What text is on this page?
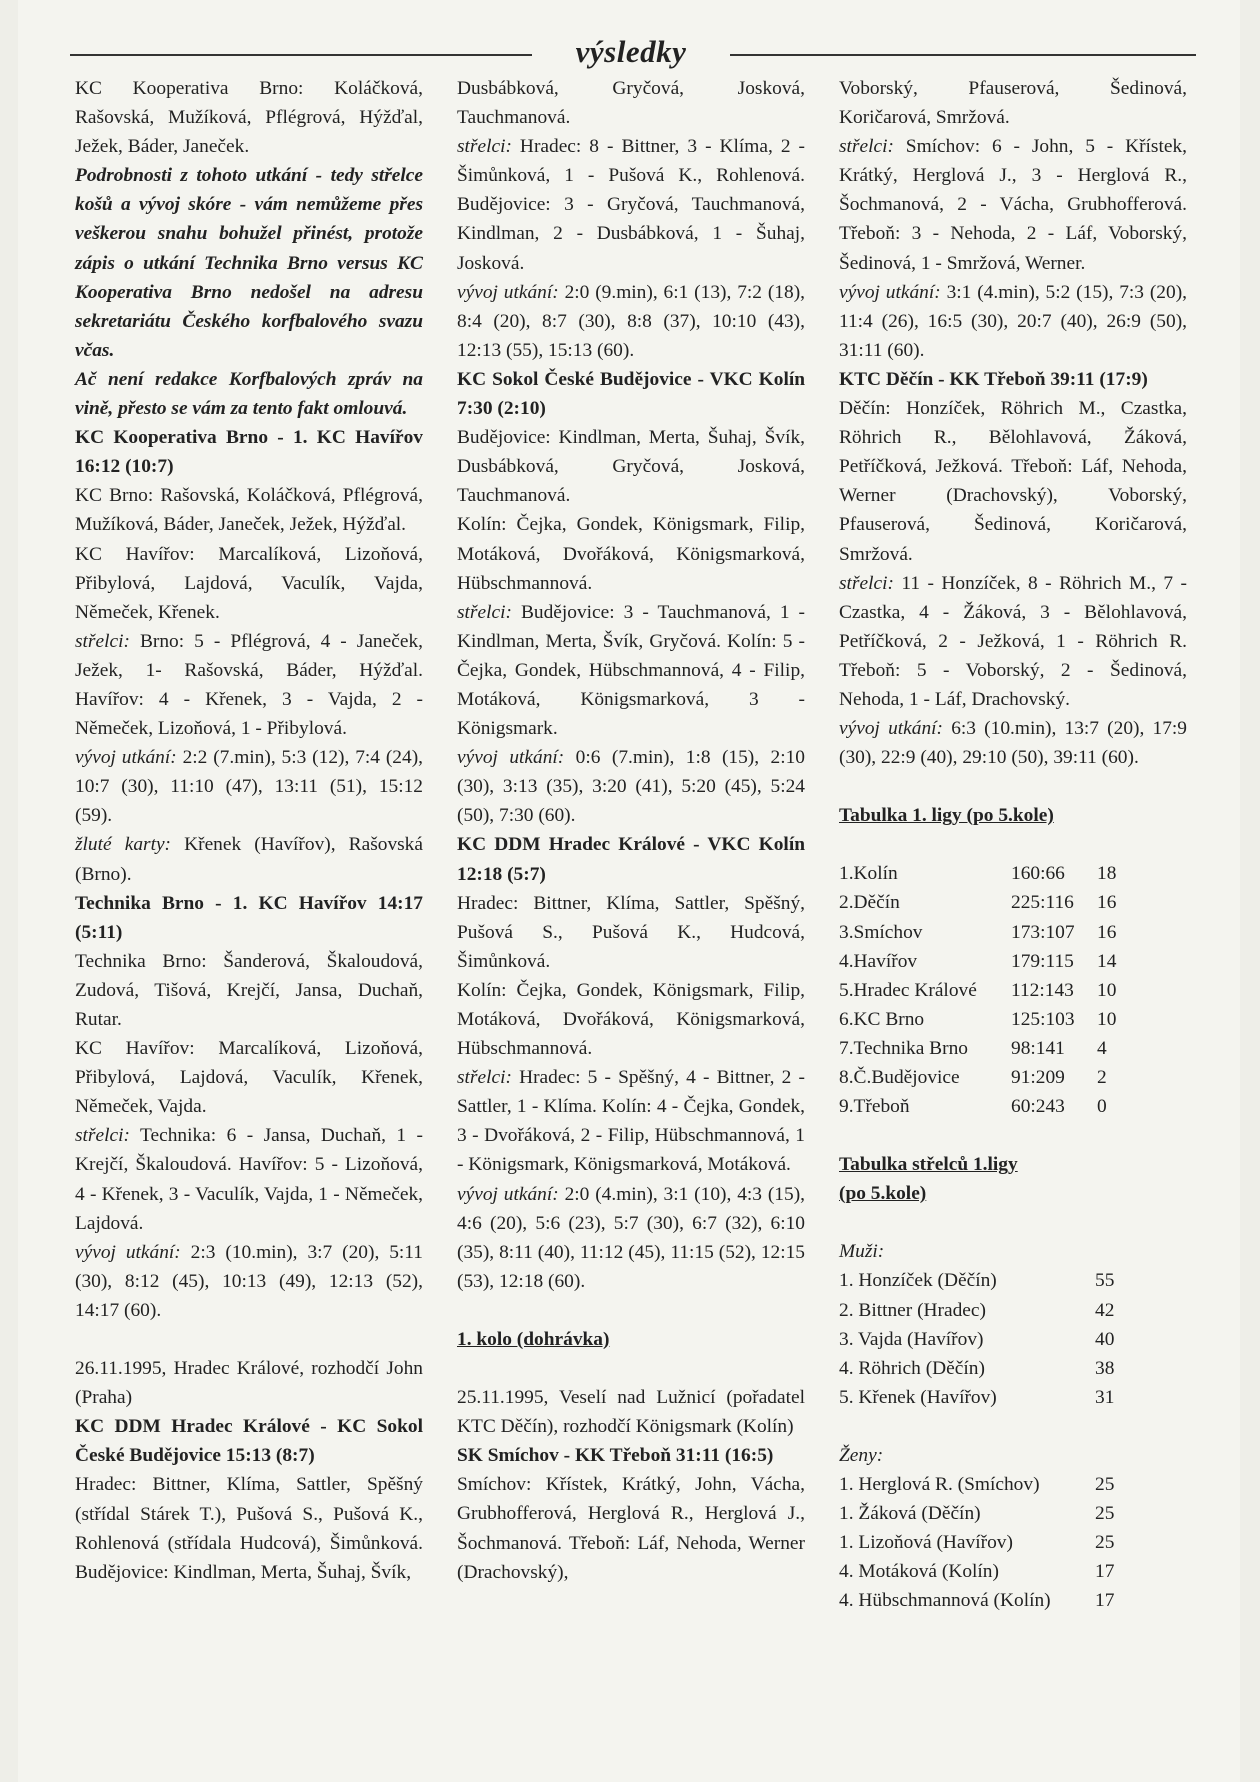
výsledky

KC Kooperativa Brno: Koláčková, Rašovská, Mužíková, Pflégrová, Hýžďal, Ježek, Báder, Janeček.

Podrobnosti z tohoto utkání - tedy střelce košů a vývoj skóre - vám nemůžeme přes veškerou snahu bohužel přinést, protože zápis o utkání Technika Brno versus KC Kooperativa Brno nedošel na adresu sekretariátu Českého korfbalového svazu včas.

Ač není redakce Korfbalových zpráv na vině, přesto se vám za tento fakt omlouvá.

KC Kooperativa Brno - 1. KC Havířov 16:12 (10:7)

KC Brno: Rašovská, Koláčková, Pflégrová, Mužíková, Báder, Janeček, Ježek, Hýžďal.

KC Havířov: Marcalíková, Lizoňová, Přibylová, Lajdová, Vaculík, Vajda, Němeček, Křenek.

střelci: Brno: 5 - Pflégrová, 4 - Janeček, Ježek, 1- Rašovská, Báder, Hýžďal. Havířov: 4 - Křenek, 3 - Vajda, 2 - Němeček, Lizoňová, 1 - Přibylová.

vývoj utkání: 2:2 (7.min), 5:3 (12), 7:4 (24), 10:7 (30), 11:10 (47), 13:11 (51), 15:12 (59).

žluté karty: Křenek (Havířov), Rašovská (Brno).

Technika Brno - 1. KC Havířov 14:17 (5:11)

Technika Brno: Šanderová, Škaloudová, Zudová, Tišová, Krejčí, Jansa, Duchaň, Rutar.

KC Havířov: Marcalíková, Lizoňová, Přibylová, Lajdová, Vaculík, Křenek, Němeček, Vajda.

střelci: Technika: 6 - Jansa, Duchaň, 1 - Krejčí, Škaloudová. Havířov: 5 - Lizoňová, 4 - Křenek, 3 - Vaculík, Vajda, 1 - Němeček, Lajdová.

vývoj utkání: 2:3 (10.min), 3:7 (20), 5:11 (30), 8:12 (45), 10:13 (49), 12:13 (52), 14:17 (60).

26.11.1995, Hradec Králové, rozhodčí John (Praha)

KC DDM Hradec Králové - KC Sokol České Budějovice 15:13 (8:7)

Hradec: Bittner, Klíma, Sattler, Spěšný (střídal Stárek T.), Pušová S., Pušová K., Rohlenová (střídala Hudcová), Šimůnková. Budějovice: Kindlman, Merta, Šuhaj, Švík,

Dusbábková, Gryčová, Josková, Tauchmanová.

střelci: Hradec: 8 - Bittner, 3 - Klíma, 2 - Šimůnková, 1 - Pušová K., Rohlenová. Budějovice: 3 - Gryčová, Tauchmanová, Kindlman, 2 - Dusbábková, 1 - Šuhaj, Josková.

vývoj utkání: 2:0 (9.min), 6:1 (13), 7:2 (18), 8:4 (20), 8:7 (30), 8:8 (37), 10:10 (43), 12:13 (55), 15:13 (60).

KC Sokol České Budějovice - VKC Kolín 7:30 (2:10)

Budějovice: Kindlman, Merta, Šuhaj, Švík, Dusbábková, Gryčová, Josková, Tauchmanová.

Kolín: Čejka, Gondek, Königsmark, Filip, Motáková, Dvořáková, Königsmarková, Hübschmannová.

střelci: Budějovice: 3 - Tauchmanová, 1 - Kindlman, Merta, Švík, Gryčová. Kolín: 5 - Čejka, Gondek, Hübschmannová, 4 - Filip, Motáková, Königsmarková, 3 - Königsmark.

vývoj utkání: 0:6 (7.min), 1:8 (15), 2:10 (30), 3:13 (35), 3:20 (41), 5:20 (45), 5:24 (50), 7:30 (60).

KC DDM Hradec Králové - VKC Kolín 12:18 (5:7)

Hradec: Bittner, Klíma, Sattler, Spěšný, Pušová S., Pušová K., Hudcová, Šimůnková.

Kolín: Čejka, Gondek, Königsmark, Filip, Motáková, Dvořáková, Königsmarková, Hübschmannová.

střelci: Hradec: 5 - Spěšný, 4 - Bittner, 2 - Sattler, 1 - Klíma. Kolín: 4 - Čejka, Gondek, 3 - Dvořáková, 2 - Filip, Hübschmannová, 1 - Königsmark, Königsmarková, Motáková.

vývoj utkání: 2:0 (4.min), 3:1 (10), 4:3 (15), 4:6 (20), 5:6 (23), 5:7 (30), 6:7 (32), 6:10 (35), 8:11 (40), 11:12 (45), 11:15 (52), 12:15 (53), 12:18 (60).

1. kolo (dohrávka)

25.11.1995, Veselí nad Lužnicí (pořadatel KTC Děčín), rozhodčí Königsmark (Kolín)

SK Smíchov - KK Třeboň 31:11 (16:5)

Smíchov: Křístek, Krátký, John, Vácha, Grubhofferová, Herglová R., Herglová J., Šochmanová. Třeboň: Láf, Nehoda, Werner (Drachovský),

Voborský, Pfauserová, Šedinová, Koričarová, Smržová.

střelci: Smíchov: 6 - John, 5 - Křístek, Krátký, Herglová J., 3 - Herglová R., Šochmanová, 2 - Vácha, Grubhofferová. Třeboň: 3 - Nehoda, 2 - Láf, Voborský, Šedinová, 1 - Smržová, Werner.

vývoj utkání: 3:1 (4.min), 5:2 (15), 7:3 (20), 11:4 (26), 16:5 (30), 20:7 (40), 26:9 (50), 31:11 (60).

KTC Děčín - KK Třeboň 39:11 (17:9)

Děčín: Honzíček, Röhrich M., Czastka, Röhrich R., Bělohlavová, Žáková, Petříčková, Ježková. Třeboň: Láf, Nehoda, Werner (Drachovský), Voborský, Pfauserová, Šedinová, Koričarová, Smržová.

střelci: 11 - Honzíček, 8 - Röhrich M., 7 - Czastka, 4 - Žáková, 3 - Bělohlavová, Petříčková, 2 - Ježková, 1 - Röhrich R. Třeboň: 5 - Voborský, 2 - Šedinová, Nehoda, 1 - Láf, Drachovský.

vývoj utkání: 6:3 (10.min), 13:7 (20), 17:9 (30), 22:9 (40), 29:10 (50), 39:11 (60).

Tabulka 1. ligy (po 5.kole)

1.Kolín	160:66	18
2.Děčín	225:116	16
3.Smíchov	173:107	16
4.Havířov	179:115	14
5.Hradec Králové	112:143	10
6.KC Brno	125:103	10
7.Technika Brno	98:141	4
8.Č.Budějovice	91:209	2
9.Třeboň	60:243	0

Tabulka střelců 1.ligy

(po 5.kole)

Muži:

1. Honzíček (Děčín)	55
2. Bittner (Hradec)	42
3. Vajda (Havířov)	40
4. Röhrich (Děčín)	38
5. Křenek (Havířov)	31

Ženy:

1. Herglová R. (Smíchov)	25
1. Žáková (Děčín)	25
1. Lizoňová (Havířov)	25
4. Motáková (Kolín)	17
4. Hübschmannová (Kolín)	17
